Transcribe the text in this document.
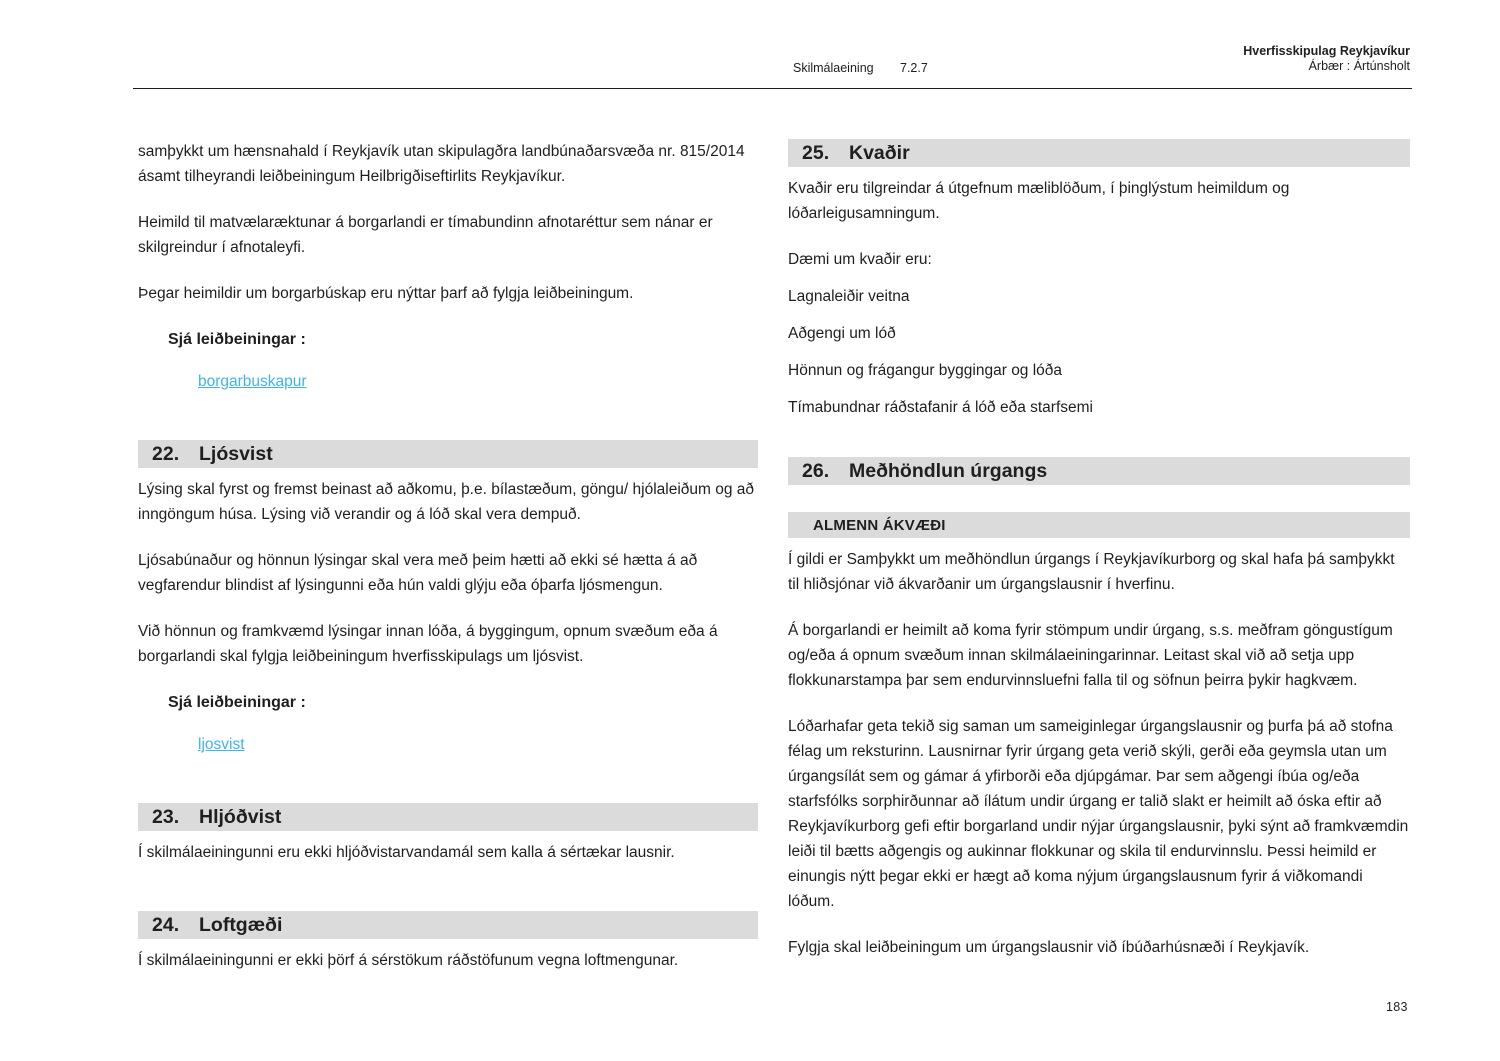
Skilmálaeining 7.2.7
Hverfisskipulag Reykjavíkur
Árbær : Ártúnsholt

samþykkt um hænsnahald í Reykjavík utan skipulagðra landbúnaðarsvæða nr. 815/2014 ásamt tilheyrandi leiðbeiningum Heilbrigðiseftirlits Reykjavíkur.

Heimild til matvælaræktunar á borgarlandi er tímabundinn afnotaréttur sem nánar er skilgreindur í afnotaleyfi.

Þegar heimildir um borgarbúskap eru nýttar þarf að fylgja leiðbeiningum.

Sjá leiðbeiningar :

borgarbuskapur

22.	Ljósvist

Lýsing skal fyrst og fremst beinast að aðkomu, þ.e. bílastæðum, göngu/ hjólaleiðum og að inngöngum húsa. Lýsing við verandir og á lóð skal vera dempuð.

Ljósabúnaður og hönnun lýsingar skal vera með þeim hætti að ekki sé hætta á að vegfarendur blindist af lýsingunni eða hún valdi glýju eða óþarfa ljósmengun.

Við hönnun og framkvæmd lýsingar innan lóða, á byggingum, opnum svæðum eða á borgarlandi skal fylgja leiðbeiningum hverfisskipulags um ljósvist.

Sjá leiðbeiningar :

ljosvist

23.	Hljóðvist

Í skilmálaeiningunni eru ekki hljóðvistarvandamál sem kalla á sértækar lausnir.

24.	Loftgæði

Í skilmálaeiningunni er ekki þörf á sérstökum ráðstöfunum vegna loftmengunar.

25.	Kvaðir

Kvaðir eru tilgreindar á útgefnum mæliblöðum, í þinglýstum heimildum og lóðarleigusamningum.

Dæmi um kvaðir eru:

Lagnaleiðir veitna

Aðgengi um lóð

Hönnun og frágangur byggingar og lóða

Tímabundnar ráðstafanir á lóð eða starfsemi

26.	Meðhöndlun úrgangs
ALMENN ÁKVÆÐI

Í gildi er Samþykkt um meðhöndlun úrgangs í Reykjavíkurborg og skal hafa þá samþykkt til hliðsjónar við ákvarðanir um úrgangslausnir í hverfinu.

Á borgarlandi er heimilt að koma fyrir stömpum undir úrgang, s.s. meðfram göngustígum og/eða á opnum svæðum innan skilmálaeiningarinnar. Leitast skal við að setja upp flokkunarstampa þar sem endurvinnsluefni falla til og söfnun þeirra þykir hagkvæm.

Lóðarhafar geta tekið sig saman um sameiginlegar úrgangslausnir og þurfa þá að stofna félag um reksturinn. Lausnirnar fyrir úrgang geta verið skýli, gerði eða geymsla utan um úrgangsílát sem og gámar á yfirborði eða djúpgámar. Þar sem aðgengi íbúa og/eða starfsfólks sorphirðunnar að ílátum undir úrgang er talið slakt er heimilt að óska eftir að Reykjavíkurborg gefi eftir borgarland undir nýjar úrgangslausnir, þyki sýnt að framkvæmdin leiði til bætts aðgengis og aukinnar flokkunar og skila til endurvinnslu. Þessi heimild er einungis nýtt þegar ekki er hægt að koma nýjum úrgangslausnum fyrir á viðkomandi lóðum.

Fylgja skal leiðbeiningum um úrgangslausnir við íbúðarhúsnæði í Reykjavík.

183
